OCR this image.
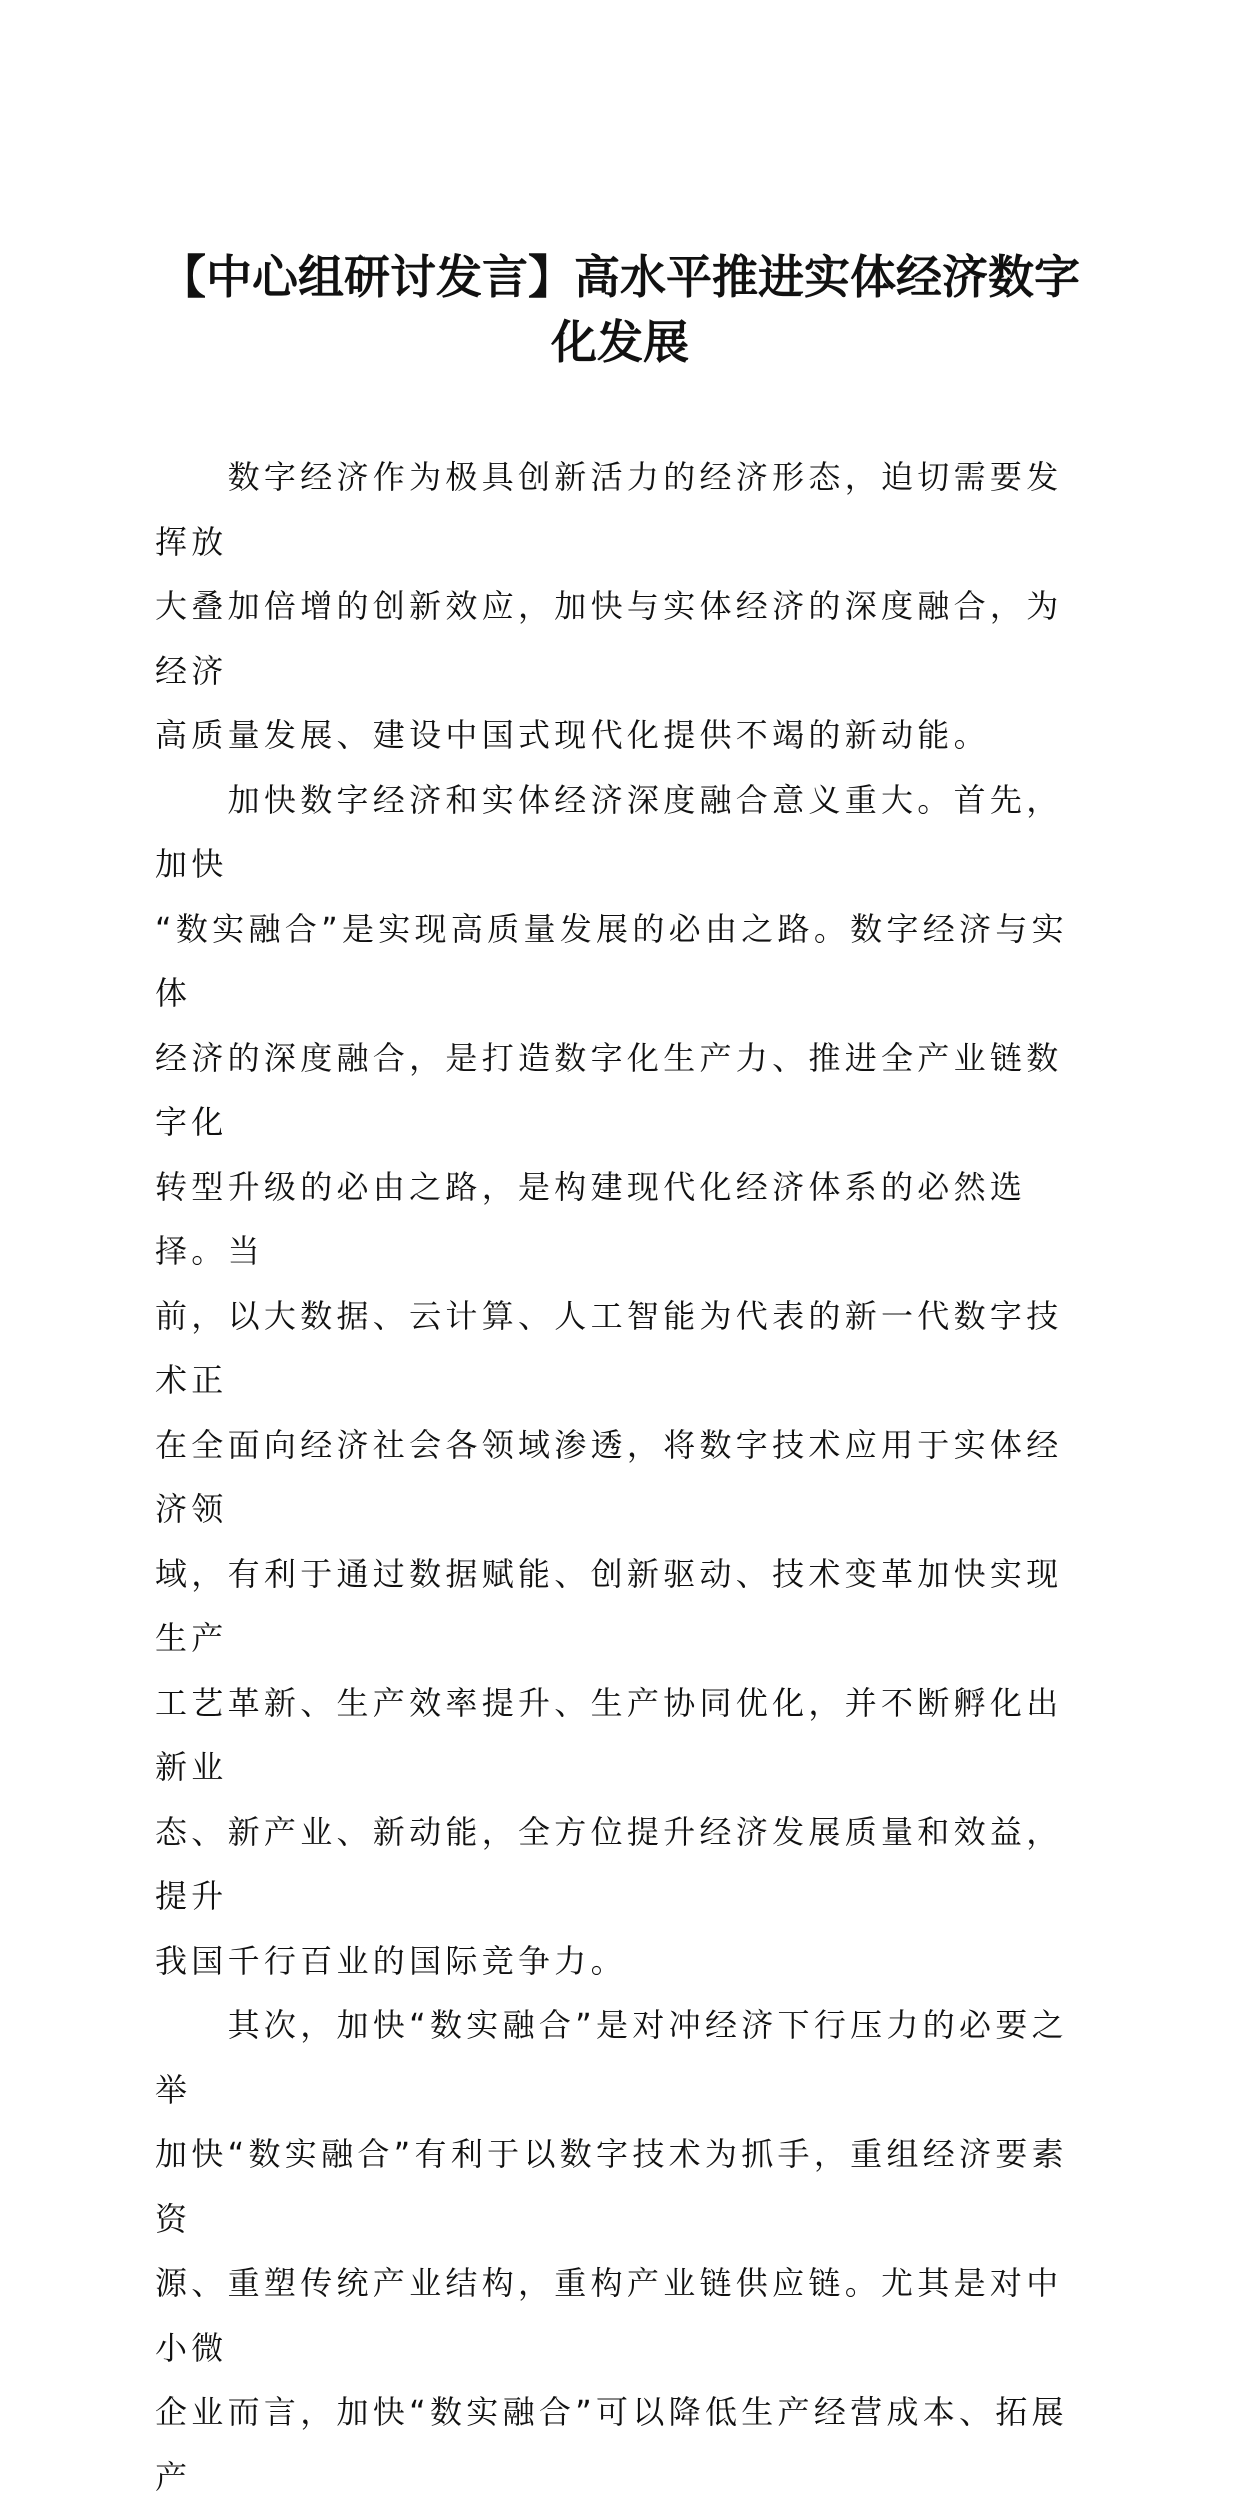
【中心组研讨发言】高水平推进实体经济数字
化发展

　　数字经济作为极具创新活力的经济形态，迫切需要发挥放
大叠加倍增的创新效应，加快与实体经济的深度融合，为经济
高质量发展、建设中国式现代化提供不竭的新动能。

　　加快数字经济和实体经济深度融合意义重大。首先，加快
“数实融合”是实现高质量发展的必由之路。数字经济与实体
经济的深度融合，是打造数字化生产力、推进全产业链数字化
转型升级的必由之路，是构建现代化经济体系的必然选择。当
前，以大数据、云计算、人工智能为代表的新一代数字技术正
在全面向经济社会各领域渗透，将数字技术应用于实体经济领
域，有利于通过数据赋能、创新驱动、技术变革加快实现生产
工艺革新、生产效率提升、生产协同优化，并不断孵化出新业
态、新产业、新动能，全方位提升经济发展质量和效益，提升
我国千行百业的国际竞争力。

　　其次，加快“数实融合”是对冲经济下行压力的必要之举
加快“数实融合”有利于以数字技术为抓手，重组经济要素资
源、重塑传统产业结构，重构产业链供应链。尤其是对中小微
企业而言，加快“数实融合”可以降低生产经营成本、拓展产
